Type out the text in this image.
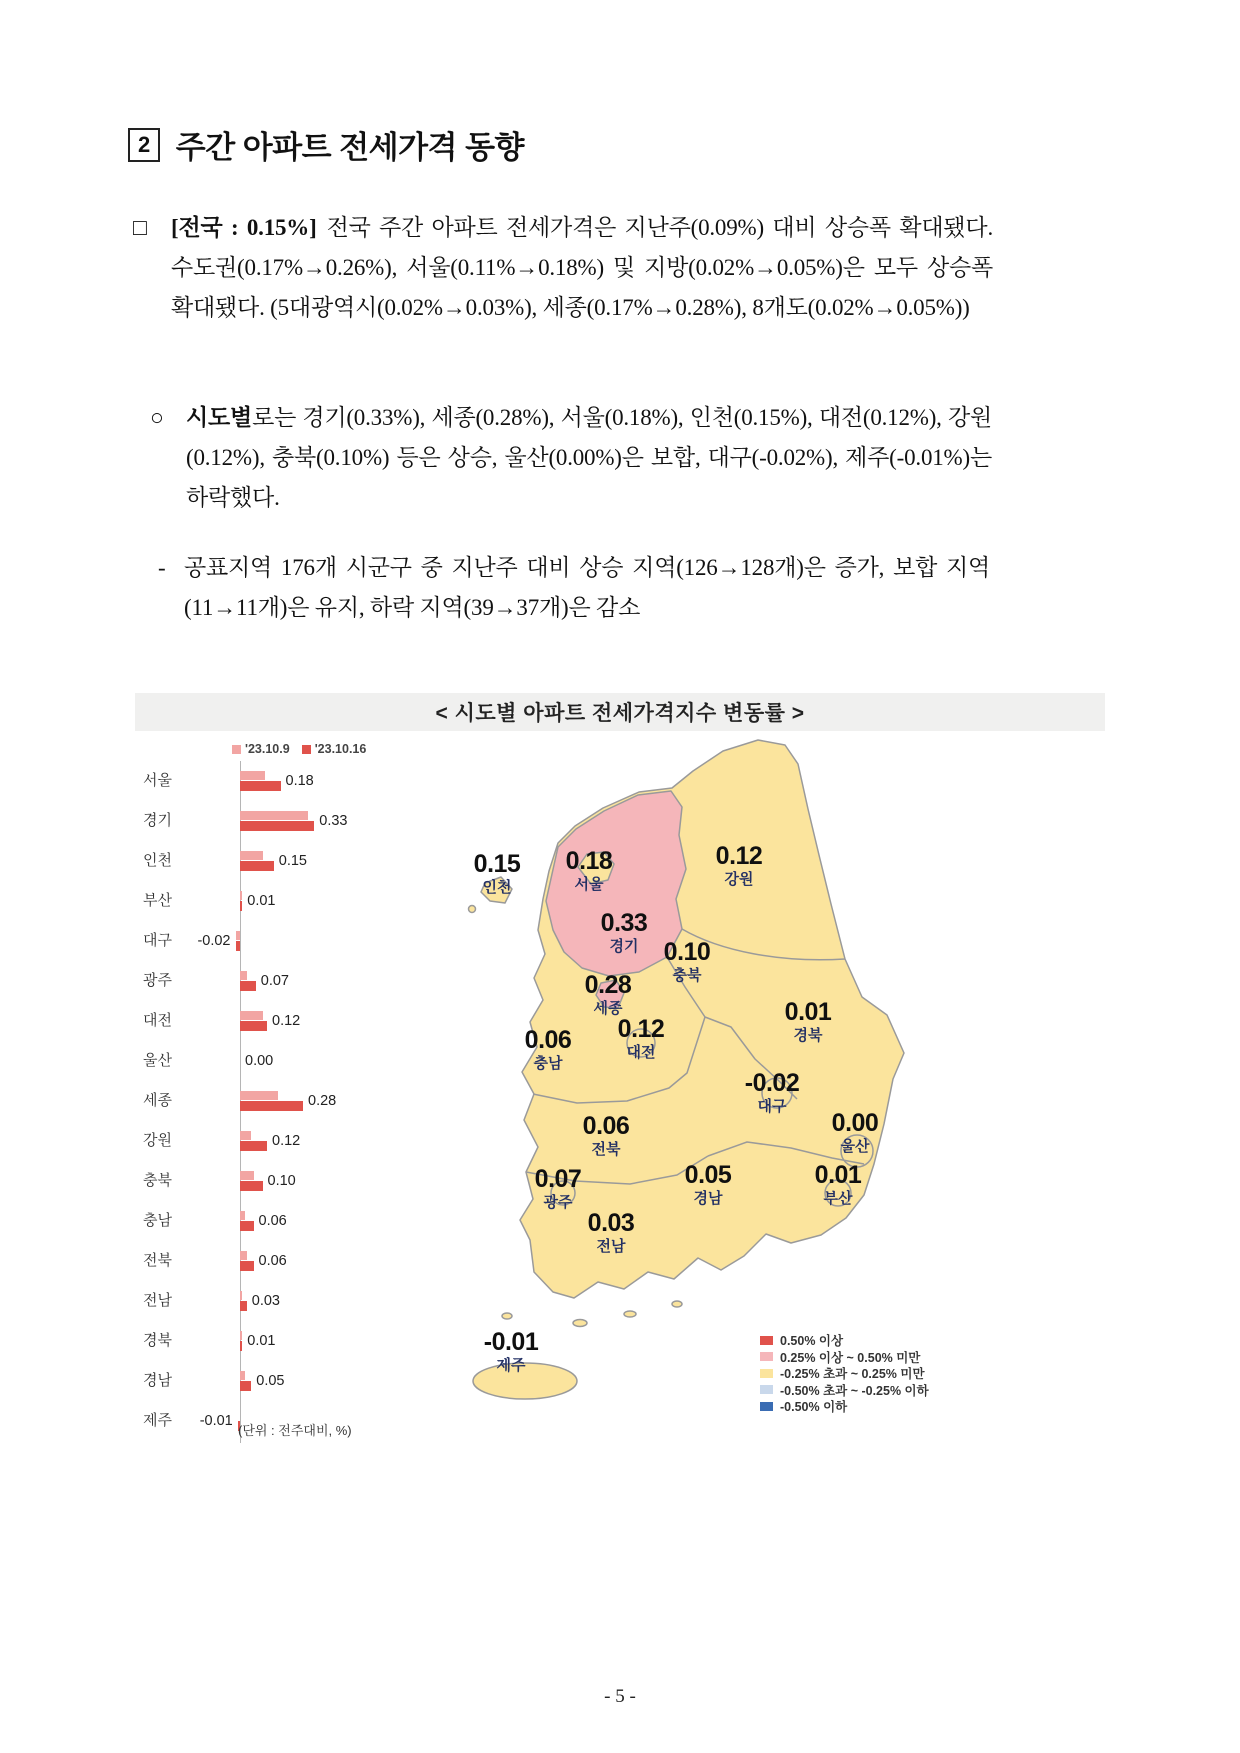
2 주간 아파트 전세가격 동향
□	[전국 : 0.15%] 전국 주간 아파트 전세가격은 지난주(0.09%) 대비 상승폭 확대됐다. 수도권(0.17%→0.26%), 서울(0.11%→0.18%) 및 지방(0.02%→0.05%)은 모두 상승폭 확대됐다. (5대광역시(0.02%→0.03%), 세종(0.17%→0.28%), 8개도(0.02%→0.05%))
○ 시도별로는 경기(0.33%), 세종(0.28%), 서울(0.18%), 인천(0.15%), 대전(0.12%), 강원(0.12%), 충북(0.10%) 등은 상승, 울산(0.00%)은 보합, 대구(-0.02%), 제주(-0.01%)는 하락했다.
- 공표지역 176개 시군구 중 지난주 대비 상승 지역(126→128개)은 증가, 보합 지역(11→11개)은 유지, 하락 지역(39→37개)은 감소
< 시도별 아파트 전세가격지수 변동률 >
'23.10.9 '23.10.16
서울	0.18
경기	0.33
인천	0.15
부산	0.01
대구	-0.02
광주	0.07
대전	0.12
울산	0.00
세종	0.28
강원	0.12
충북	0.10
충남	0.06
전북	0.06
전남	0.03
경북	0.01
경남	0.05
제주	-0.01
(단위 : 전주대비, %)
0.18
서울
0.33
경기
0.15
인천
0.01
부산
-0.02
대구
0.07
광주
0.12
대전
0.00
울산
0.28
세종
0.12
강원
0.10
충북
0.06
충남
0.06
전북
0.03
전남
0.01
경북
0.05
경남
-0.01
제주
0.50% 이상
0.25% 이상 ~ 0.50% 미만
-0.25% 초과 ~ 0.25% 미만
-0.50% 초과 ~ -0.25% 이하
-0.50% 이하
- 5 -
